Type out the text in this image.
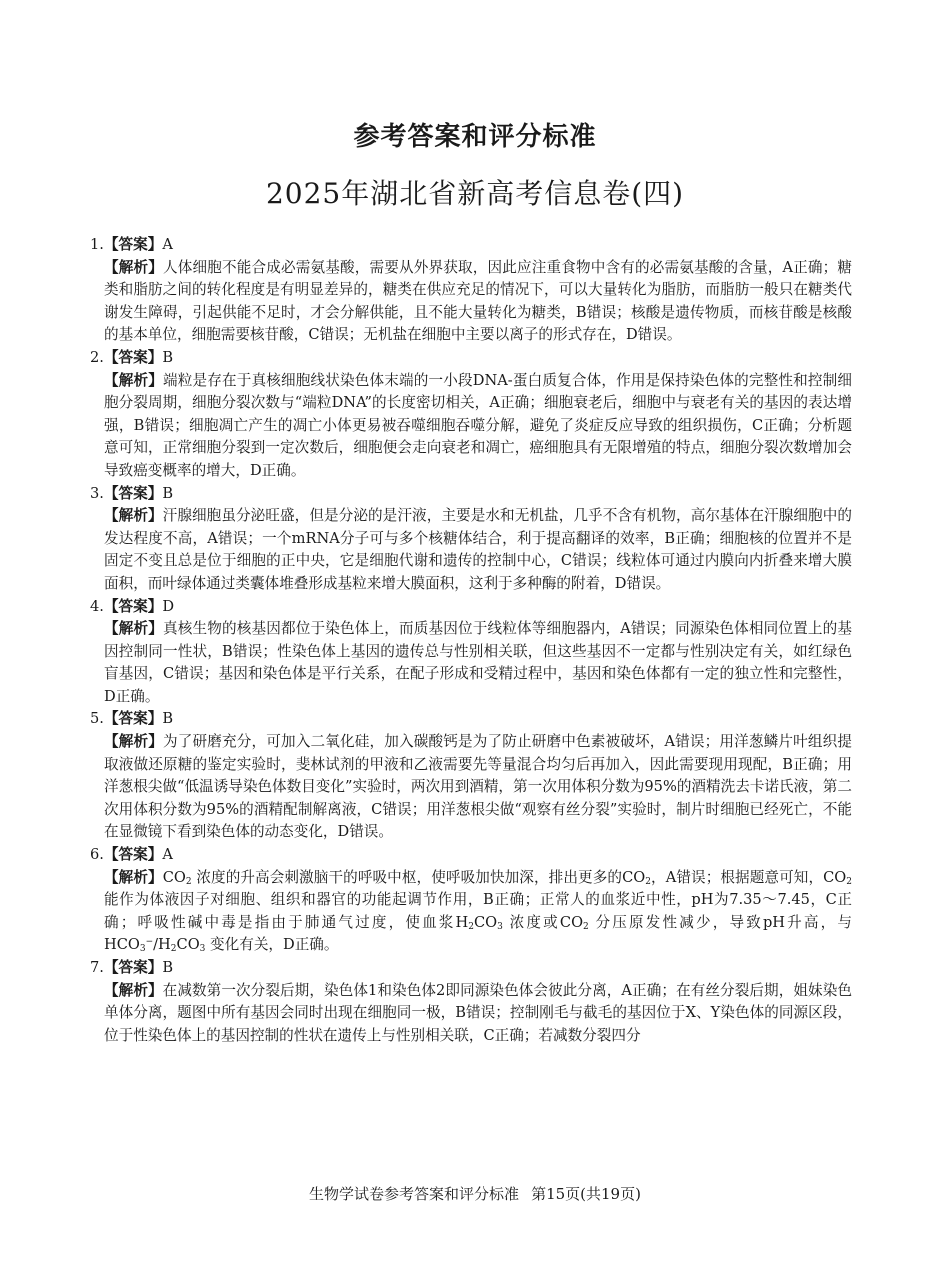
参考答案和评分标准
2025年湖北省新高考信息卷(四)
1.【答案】A
【解析】人体细胞不能合成必需氨基酸，需要从外界获取，因此应注重食物中含有的必需氨基酸的含量，A正确；糖类和脂肪之间的转化程度是有明显差异的，糖类在供应充足的情况下，可以大量转化为脂肪，而脂肪一般只在糖类代谢发生障碍，引起供能不足时，才会分解供能，且不能大量转化为糖类，B错误；核酸是遗传物质，而核苷酸是核酸的基本单位，细胞需要核苷酸，C错误；无机盐在细胞中主要以离子的形式存在，D错误。
2.【答案】B
【解析】端粒是存在于真核细胞线状染色体末端的一小段DNA-蛋白质复合体，作用是保持染色体的完整性和控制细胞分裂周期，细胞分裂次数与“端粒DNA”的长度密切相关，A正确；细胞衰老后，细胞中与衰老有关的基因的表达增强，B错误；细胞凋亡产生的凋亡小体更易被吞噬细胞吞噬分解，避免了炎症反应导致的组织损伤，C正确；分析题意可知，正常细胞分裂到一定次数后，细胞便会走向衰老和凋亡，癌细胞具有无限增殖的特点，细胞分裂次数增加会导致癌变概率的增大，D正确。
3.【答案】B
【解析】汗腺细胞虽分泌旺盛，但是分泌的是汗液，主要是水和无机盐，几乎不含有机物，高尔基体在汗腺细胞中的发达程度不高，A错误；一个mRNA分子可与多个核糖体结合，利于提高翻译的效率，B正确；细胞核的位置并不是固定不变且总是位于细胞的正中央，它是细胞代谢和遗传的控制中心，C错误；线粒体可通过内膜向内折叠来增大膜面积，而叶绿体通过类囊体堆叠形成基粒来增大膜面积，这利于多种酶的附着，D错误。
4.【答案】D
【解析】真核生物的核基因都位于染色体上，而质基因位于线粒体等细胞器内，A错误；同源染色体相同位置上的基因控制同一性状，B错误；性染色体上基因的遗传总与性别相关联，但这些基因不一定都与性别决定有关，如红绿色盲基因，C错误；基因和染色体是平行关系，在配子形成和受精过程中，基因和染色体都有一定的独立性和完整性，D正确。
5.【答案】B
【解析】为了研磨充分，可加入二氧化硅，加入碳酸钙是为了防止研磨中色素被破坏，A错误；用洋葱鳞片叶组织提取液做还原糖的鉴定实验时，斐林试剂的甲液和乙液需要先等量混合均匀后再加入，因此需要现用现配，B正确；用洋葱根尖做“低温诱导染色体数目变化”实验时，两次用到酒精，第一次用体积分数为95%的酒精洗去卡诺氏液，第二次用体积分数为95%的酒精配制解离液，C错误；用洋葱根尖做“观察有丝分裂”实验时，制片时细胞已经死亡，不能在显微镜下看到染色体的动态变化，D错误。
6.【答案】A
【解析】$CO_2$ 浓度的升高会刺激脑干的呼吸中枢，使呼吸加快加深，排出更多的$CO_2$，A错误；根据题意可知，$CO_2$ 能作为体液因子对细胞、组织和器官的功能起调节作用，B正确；正常人的血浆近中性，pH为7.35～7.45，C正确；呼吸性碱中毒是指由于肺通气过度，使血浆$H_2CO_3$ 浓度或$CO_2$ 分压原发性减少，导致pH升高，与$HCO_3^-/H_2CO_3$ 变化有关，D正确。
7.【答案】B
【解析】在减数第一次分裂后期，染色体1和染色体2即同源染色体会彼此分离，A正确；在有丝分裂后期，姐妹染色单体分离，题图中所有基因会同时出现在细胞同一极，B错误；控制刚毛与截毛的基因位于X、Y染色体的同源区段，位于性染色体上的基因控制的性状在遗传上与性别相关联，C正确；若减数分裂四分
生物学试卷参考答案和评分标准 第15页(共19页)
